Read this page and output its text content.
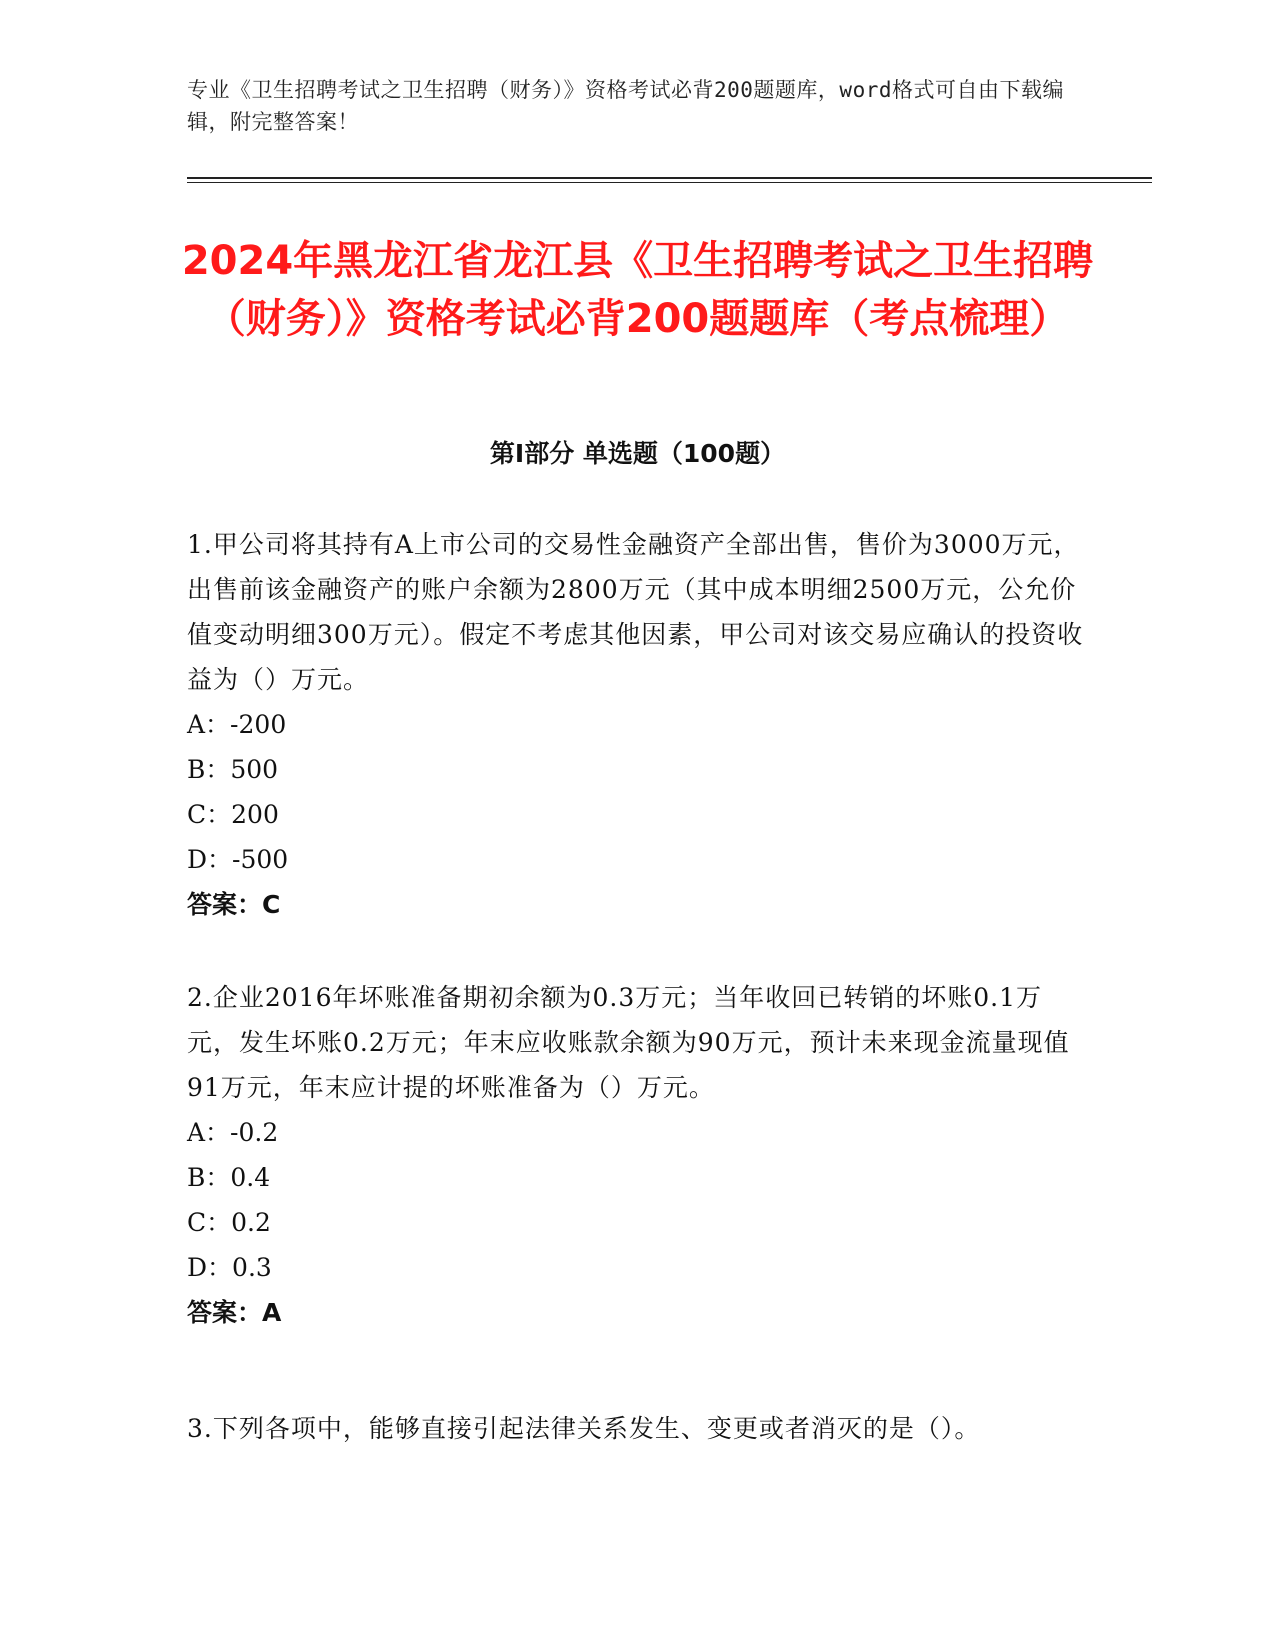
专业《卫生招聘考试之卫生招聘（财务）》资格考试必背200题题库，word格式可自由下载编辑，附完整答案！
2024年黑龙江省龙江县《卫生招聘考试之卫生招聘（财务）》资格考试必背200题题库（考点梳理）
第I部分 单选题（100题）
1.甲公司将其持有A上市公司的交易性金融资产全部出售，售价为3000万元，出售前该金融资产的账户余额为2800万元（其中成本明细2500万元，公允价值变动明细300万元）。假定不考虑其他因素，甲公司对该交易应确认的投资收益为（）万元。
A：-200
B：500
C：200
D：-500
答案：C
2.企业2016年坏账准备期初余额为0.3万元；当年收回已转销的坏账0.1万元，发生坏账0.2万元；年末应收账款余额为90万元，预计未来现金流量现值91万元，年末应计提的坏账准备为（）万元。
A：-0.2
B：0.4
C：0.2
D：0.3
答案：A
3.下列各项中，能够直接引起法律关系发生、变更或者消灭的是（）。
